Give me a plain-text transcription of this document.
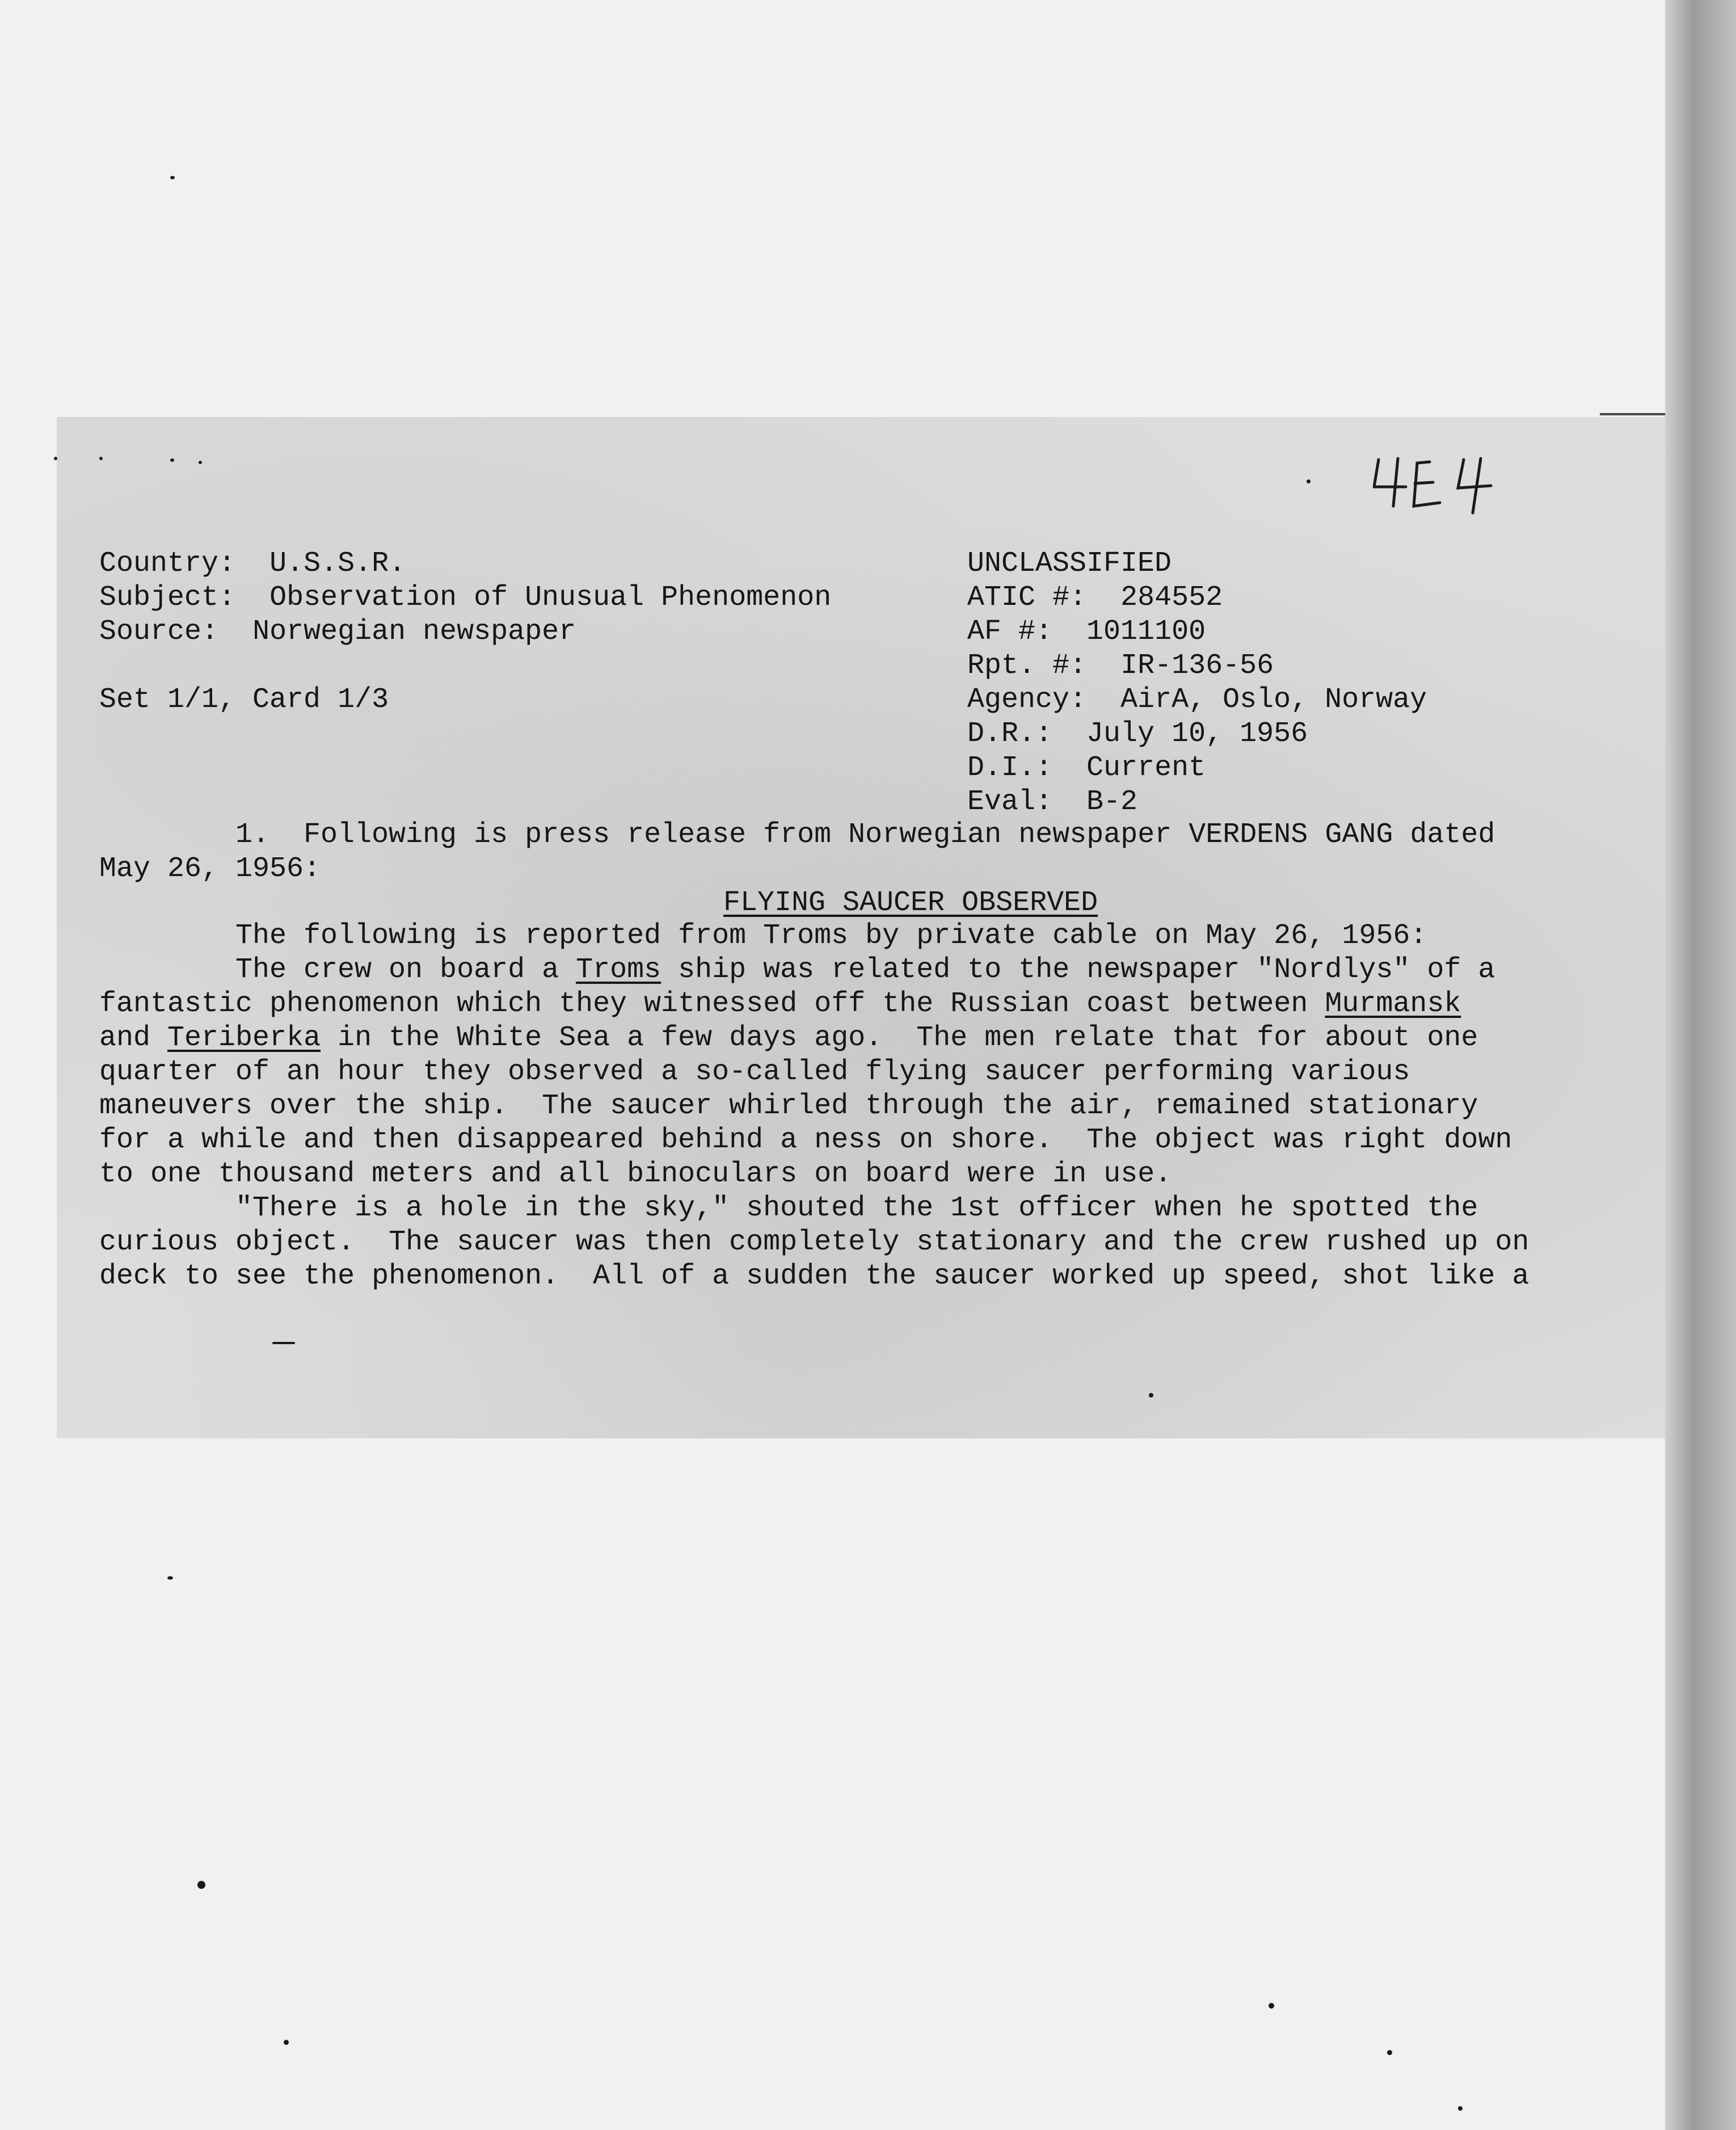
Country: U.S.S.R.
Subject: Observation of Unusual Phenomenon
Source: Norwegian newspaper
Set 1/1, Card 1/3
UNCLASSIFIED
ATIC #: 284552
AF #: 1011100
Rpt. #: IR-136-56
Agency: AirA, Oslo, Norway
D.R.: July 10, 1956
D.I.: Current
Eval: B-2
1.  Following is press release from Norwegian newspaper VERDENS GANG dated
May 26, 1956:
FLYING SAUCER OBSERVED
The following is reported from Troms by private cable on May 26, 1956:
The crew on board a Troms ship was related to the newspaper "Nordlys" of a
fantastic phenomenon which they witnessed off the Russian coast between Murmansk
and Teriberka in the White Sea a few days ago.  The men relate that for about one
quarter of an hour they observed a so-called flying saucer performing various
maneuvers over the ship.  The saucer whirled through the air, remained stationary
for a while and then disappeared behind a ness on shore.  The object was right down
to one thousand meters and all binoculars on board were in use.
"There is a hole in the sky," shouted the 1st officer when he spotted the
curious object.  The saucer was then completely stationary and the crew rushed up on
deck to see the phenomenon.  All of a sudden the saucer worked up speed, shot like a
